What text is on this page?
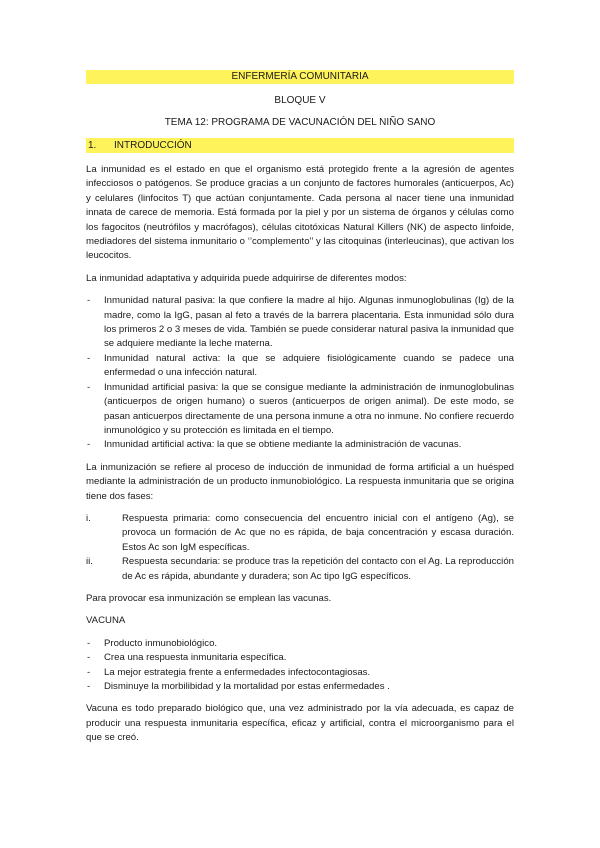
ENFERMERÍA COMUNITARIA
BLOQUE V
TEMA 12: PROGRAMA DE VACUNACIÓN DEL NIÑO SANO
1. INTRODUCCIÓN

La inmunidad es el estado en que el organismo está protegido frente a la agresión de agentes infecciosos o patógenos. Se produce gracias a un conjunto de factores humorales (anticuerpos, Ac) y celulares (linfocitos T) que actúan conjuntamente. Cada persona al nacer tiene una inmunidad innata de carece de memoria. Está formada por la piel y por un sistema de órganos y células como los fagocitos (neutrófilos y macrófagos), células citotóxicas Natural Killers (NK) de aspecto linfoide, mediadores del sistema inmunitario o ‘’complemento’’ y las citoquinas (interleucinas), que activan los leucocitos.

La inmunidad adaptativa y adquirida puede adquirirse de diferentes modos:

- Inmunidad natural pasiva: la que confiere la madre al hijo. Algunas inmunoglobulinas (Ig) de la madre, como la IgG, pasan al feto a través de la barrera placentaria. Esta inmunidad sólo dura los primeros 2 o 3 meses de vida. También se puede considerar natural pasiva la inmunidad que se adquiere mediante la leche materna.
- Inmunidad natural activa: la que se adquiere fisiológicamente cuando se padece una enfermedad o una infección natural.
- Inmunidad artificial pasiva: la que se consigue mediante la administración de inmunoglobulinas (anticuerpos de origen humano) o sueros (anticuerpos de origen animal). De este modo, se pasan anticuerpos directamente de una persona inmune a otra no inmune. No confiere recuerdo inmunológico y su protección es limitada en el tiempo.
- Inmunidad artificial activa: la que se obtiene mediante la administración de vacunas.

La inmunización se refiere al proceso de inducción de inmunidad de forma artificial a un huésped mediante la administración de un producto inmunobiológico. La respuesta inmunitaria que se origina tiene dos fases:

i.	Respuesta primaria: como consecuencia del encuentro inicial con el antígeno (Ag), se provoca un formación de Ac que no es rápida, de baja concentración y escasa duración. Estos Ac son IgM específicas.
ii.	Respuesta secundaria: se produce tras la repetición del contacto con el Ag. La reproducción de Ac es rápida, abundante y duradera; son Ac tipo IgG específicos.

Para provocar esa inmunización se emplean las vacunas.

VACUNA

- Producto inmunobiológico.
- Crea una respuesta inmunitaria específica.
- La mejor estrategia frente a enfermedades infectocontagiosas.
- Disminuye la morbilibidad y la mortalidad por estas enfermedades .

Vacuna es todo preparado biológico que, una vez administrado por la vía adecuada, es capaz de producir una respuesta inmunitaria específica, eficaz y artificial, contra el microorganismo para el que se creó.
